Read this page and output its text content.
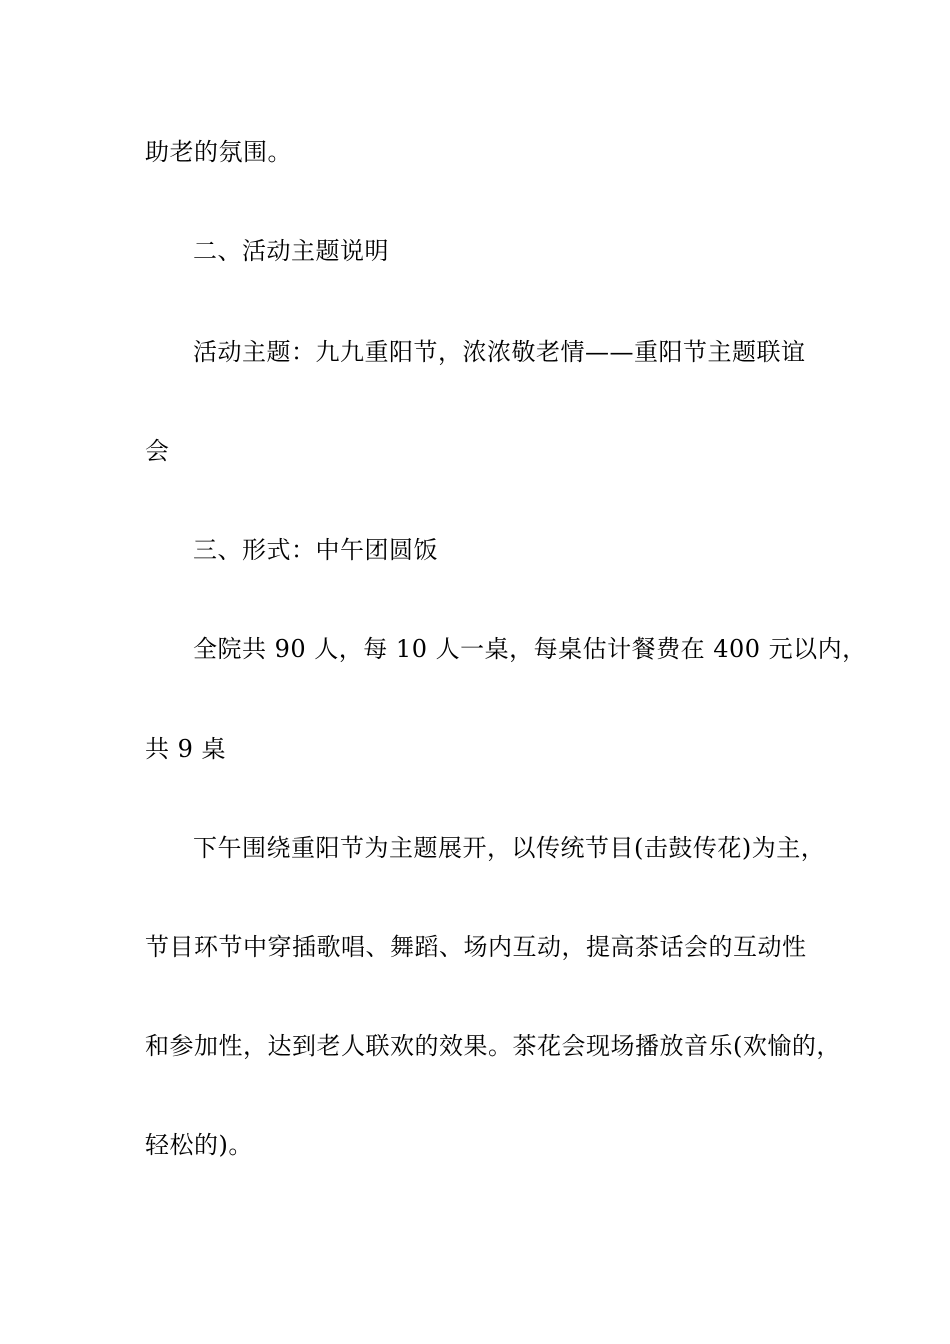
助老的氛围。
二、活动主题说明
活动主题：九九重阳节，浓浓敬老情——重阳节主题联谊
会
三、形式：中午团圆饭
全院共 90 人，每 10 人一桌，每桌估计餐费在 400 元以内，
共 9 桌
下午围绕重阳节为主题展开，以传统节目(击鼓传花)为主，
节目环节中穿插歌唱、舞蹈、场内互动，提高茶话会的互动性
和参加性，达到老人联欢的效果。茶花会现场播放音乐(欢愉的，
轻松的)。
